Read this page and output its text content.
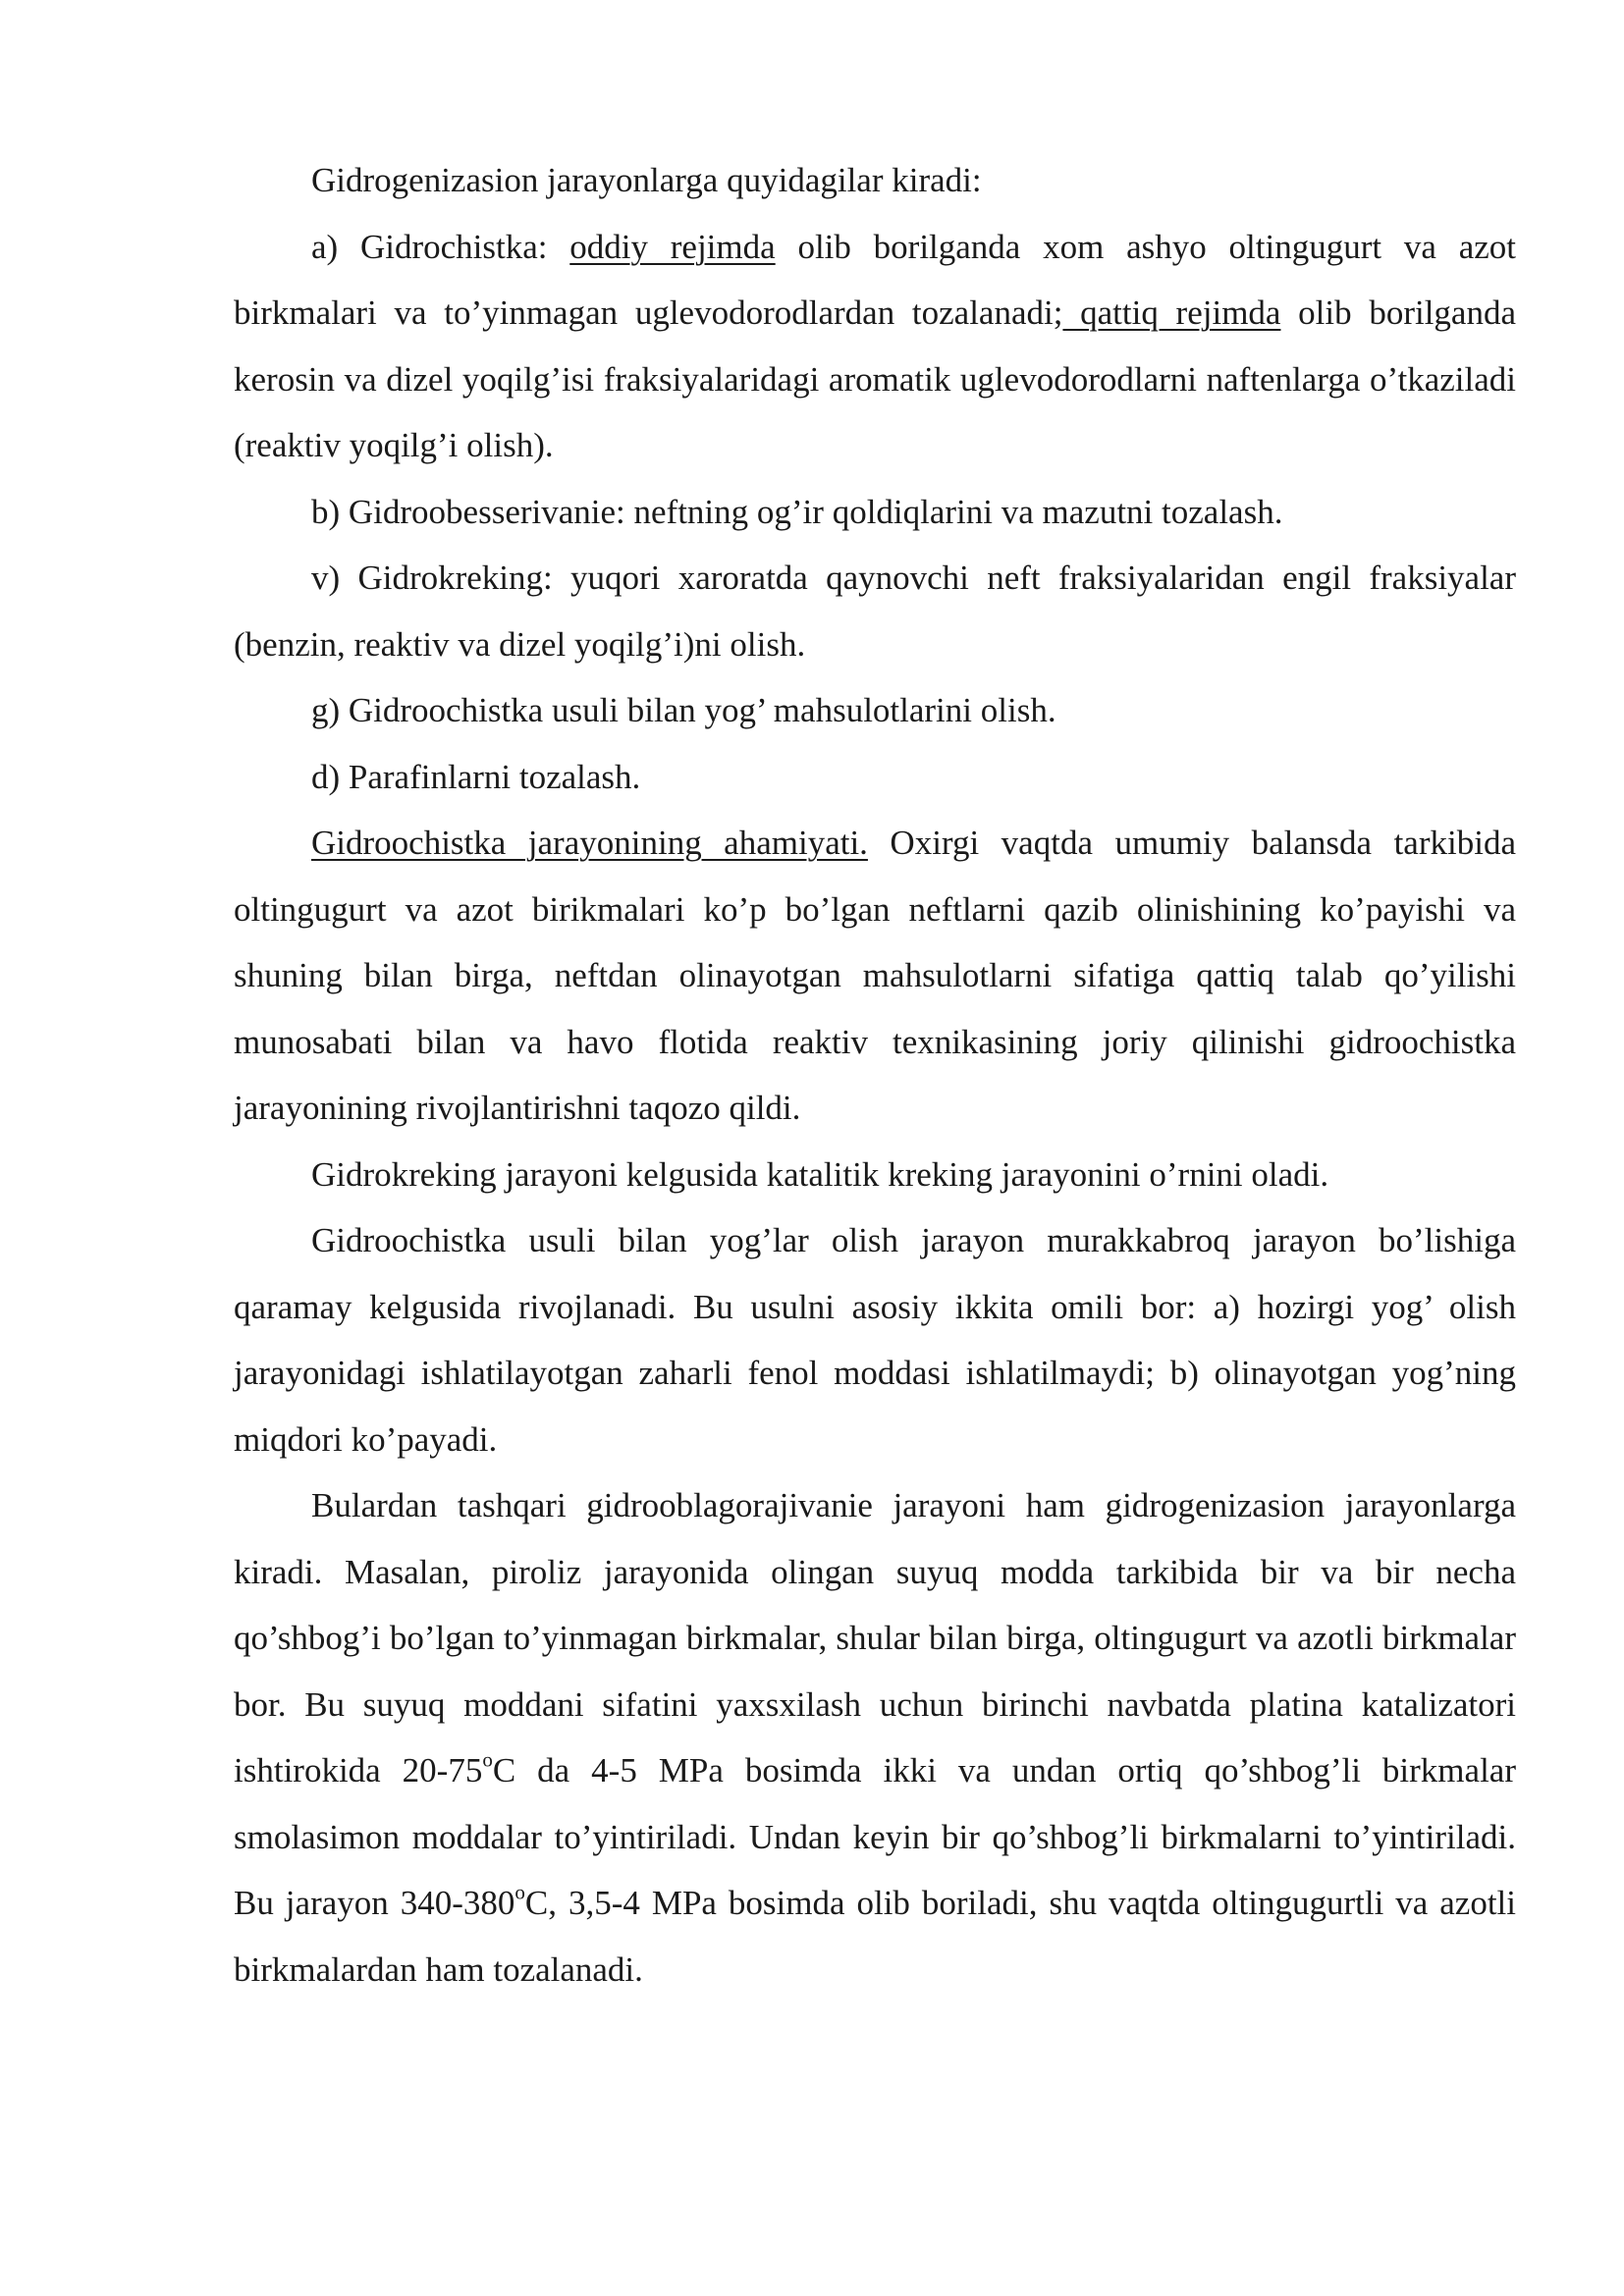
Gidrogenizasion jarayonlarga quyidagilar kiradi:

a) Gidrochistka: oddiy rejimda olib borilganda xom ashyo oltingugurt va azot birkmalari va to’yinmagan uglevodorodlardan tozalanadi; qattiq rejimda olib borilganda kerosin va dizel yoqilg’isi fraksiyalaridagi aromatik uglevodorodlarni naftenlarga o’tkaziladi (reaktiv yoqilg’i olish).

b) Gidroobesserivanie: neftning og’ir qoldiqlarini va mazutni tozalash.

v) Gidrokreking: yuqori xaroratda qaynovchi neft fraksiyalaridan engil fraksiyalar (benzin, reaktiv va dizel yoqilg’i)ni olish.

g) Gidroochistka usuli bilan yog’ mahsulotlarini olish.

d) Parafinlarni tozalash.

Gidroochistka jarayonining ahamiyati. Oxirgi vaqtda umumiy balansda tarkibida oltingugurt va azot birikmalari ko’p bo’lgan neftlarni qazib olinishining ko’payishi va shuning bilan birga, neftdan olinayotgan mahsulotlarni sifatiga qattiq talab qo’yilishi munosabati bilan va havo flotida reaktiv texnikasining joriy qilinishi gidroochistka jarayonining rivojlantirishni taqozo qildi.

Gidrokreking jarayoni kelgusida katalitik kreking jarayonini o’rnini oladi.

Gidroochistka usuli bilan yog’lar olish jarayon murakkabroq jarayon bo’lishiga qaramay kelgusida rivojlanadi. Bu usulni asosiy ikkita omili bor: a) hozirgi yog’ olish jarayonidagi ishlatilayotgan zaharli fenol moddasi ishlatilmaydi; b) olinayotgan yog’ning miqdori ko’payadi.

Bulardan tashqari gidrooblagorajivanie jarayoni ham gidrogenizasion jarayonlarga kiradi. Masalan, piroliz jarayonida olingan suyuq modda tarkibida bir va bir necha qo’shbog’i bo’lgan to’yinmagan birkmalar, shular bilan birga, oltingugurt va azotli birkmalar bor. Bu suyuq moddani sifatini yaxsxilash uchun birinchi navbatda platina katalizatori ishtirokida 20-75$^o$C da 4-5 MPa bosimda ikki va undan ortiq qo’shbog’li birkmalar smolasimon moddalar to’yintiriladi. Undan keyin bir qo’shbog’li birkmalarni to’yintiriladi. Bu jarayon 340-380$^o$C, 3,5-4 MPa bosimda olib boriladi, shu vaqtda oltingugurtli va azotli birkmalardan ham tozalanadi.
